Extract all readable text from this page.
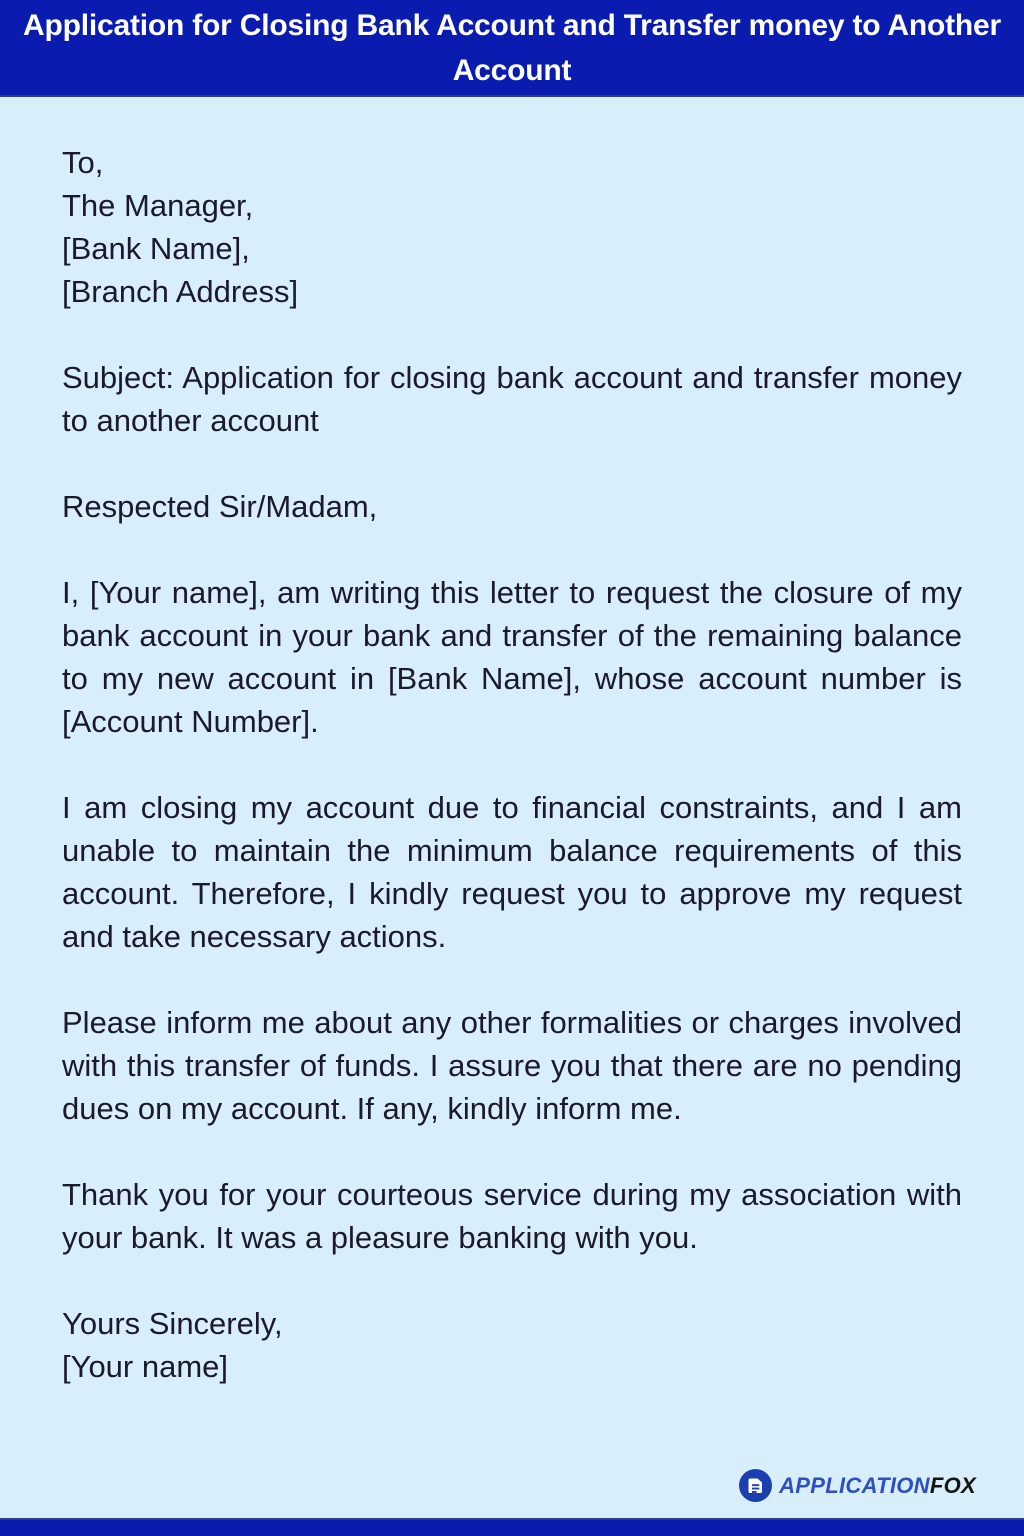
Application for Closing Bank Account and Transfer money to Another Account
To,
The Manager,
[Bank Name],
[Branch Address]

Subject: Application for closing bank account and transfer money to another account

Respected Sir/Madam,

I, [Your name], am writing this letter to request the closure of my bank account in your bank and transfer of the remaining balance to my new account in [Bank Name], whose account number is [Account Number].

I am closing my account due to financial constraints, and I am unable to maintain the minimum balance requirements of this account. Therefore, I kindly request you to approve my request and take necessary actions.

Please inform me about any other formalities or charges involved with this transfer of funds. I assure you that there are no pending dues on my account. If any, kindly inform me.

Thank you for your courteous service during my association with your bank. It was a pleasure banking with you.

Yours Sincerely,
[Your name]
APPLICATIONFOX
